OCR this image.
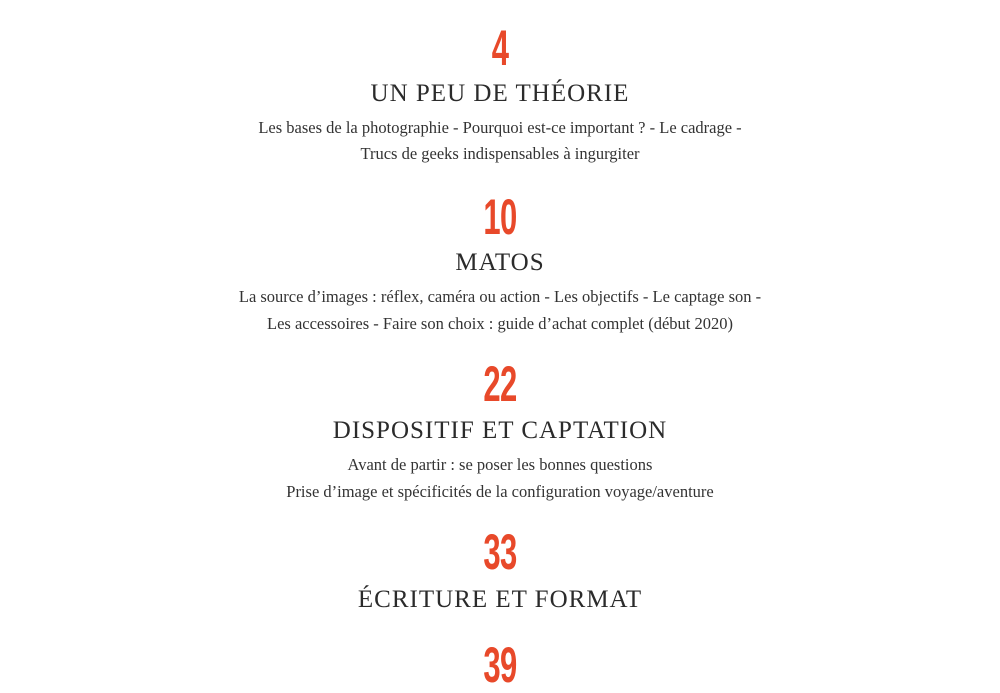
4
UN PEU DE THÉORIE
Les bases de la photographie - Pourquoi est-ce important ? - Le cadrage -
Trucs de geeks indispensables à ingurgiter
10
MATOS
La source d’images : réflex, caméra ou action - Les objectifs - Le captage son -
Les accessoires - Faire son choix : guide d’achat complet (début 2020)
22
DISPOSITIF ET CAPTATION
Avant de partir : se poser les bonnes questions
Prise d’image et spécificités de la configuration voyage/aventure
33
ÉCRITURE ET FORMAT
39
